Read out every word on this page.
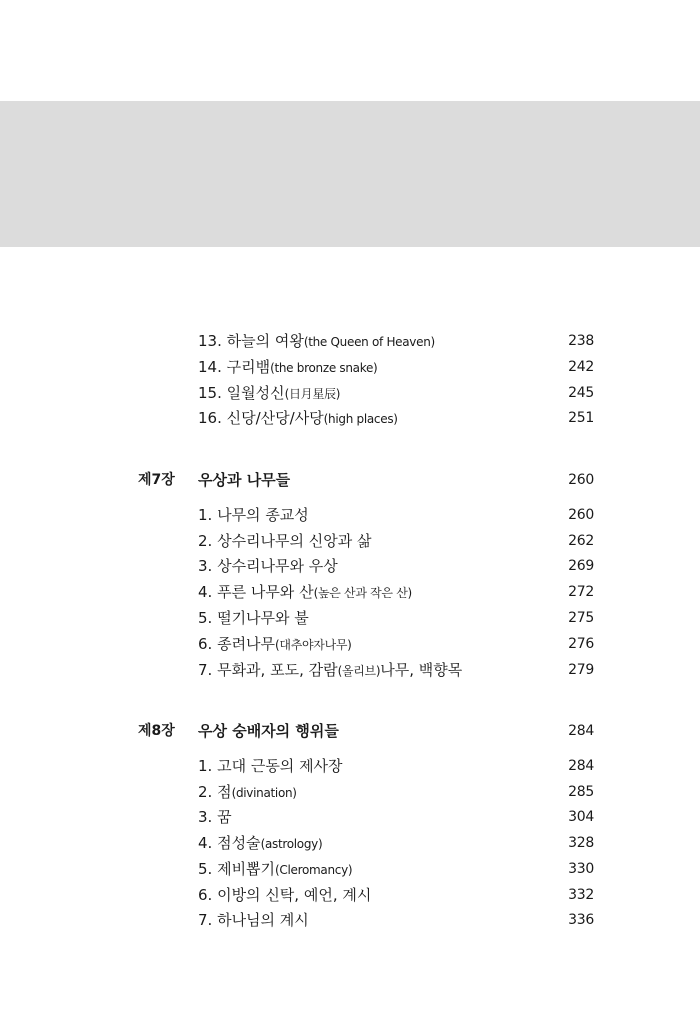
13. 하늘의 여왕(the Queen of Heaven)	238
14. 구리뱀(the bronze snake)	242
15. 일월성신(日月星辰)	245
16. 신당/산당/사당(high places)	251
제7장 우상과 나무들	260
1. 나무의 종교성	260
2. 상수리나무의 신앙과 삶	262
3. 상수리나무와 우상	269
4. 푸른 나무와 산(높은 산과 작은 산)	272
5. 떨기나무와 불	275
6. 종려나무(대추야자나무)	276
7. 무화과, 포도, 감람(올리브)나무, 백향목	279
제8장 우상 숭배자의 행위들	284
1. 고대 근동의 제사장	284
2. 점(divination)	285
3. 꿈	304
4. 점성술(astrology)	328
5. 제비뽑기(Cleromancy)	330
6. 이방의 신탁, 예언, 계시	332
7. 하나님의 계시	336
